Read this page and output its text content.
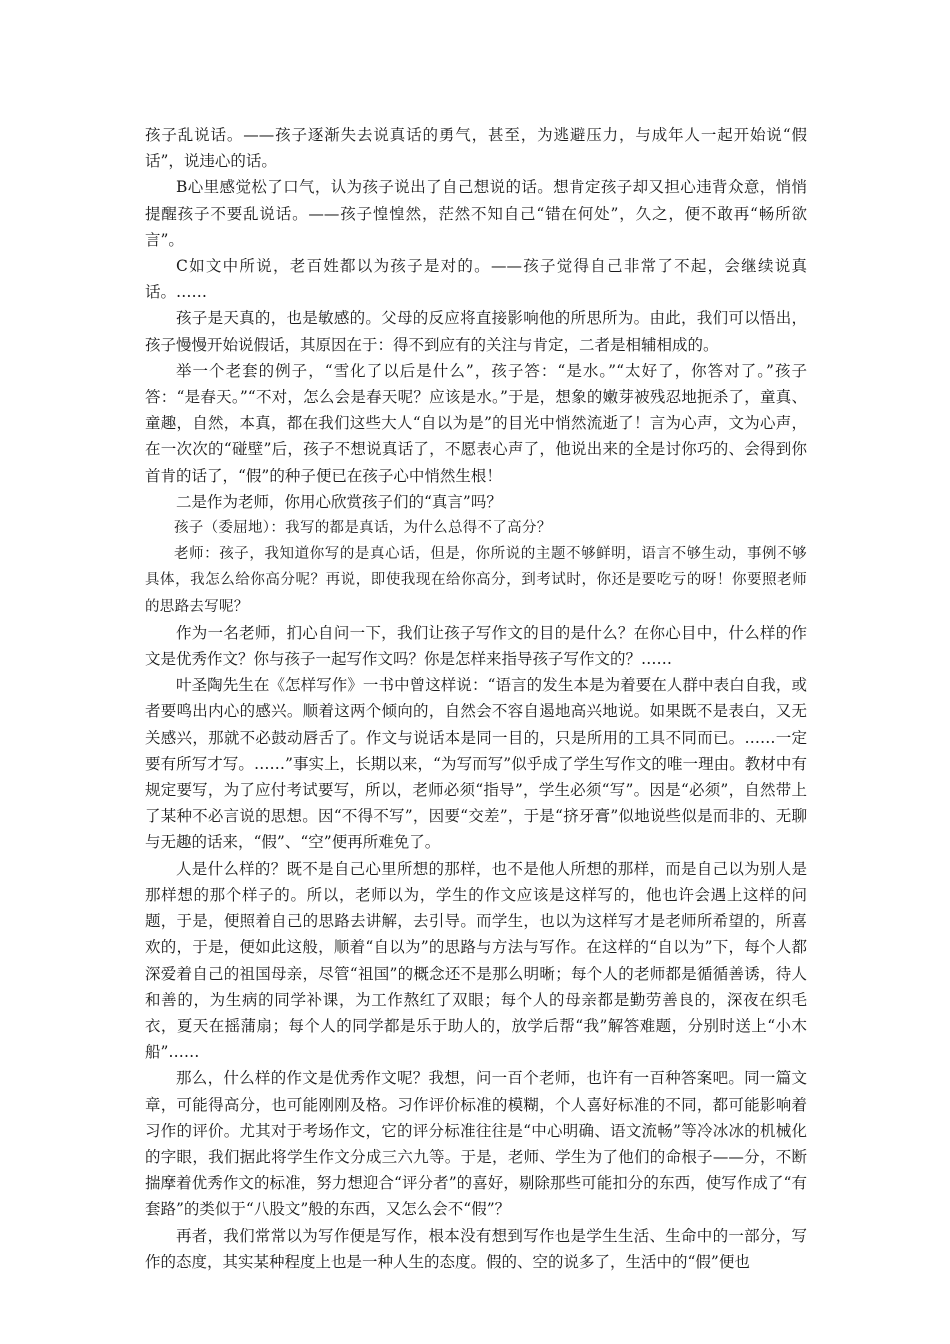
孩子乱说话。——孩子逐渐失去说真话的勇气，甚至，为逃避压力，与成年人一起开始说“假话”，说违心的话。

B心里感觉松了口气，认为孩子说出了自己想说的话。想肯定孩子却又担心违背众意，悄悄提醒孩子不要乱说话。——孩子惶惶然，茫然不知自己“错在何处”，久之，便不敢再“畅所欲言”。

C如文中所说，老百姓都以为孩子是对的。——孩子觉得自己非常了不起，会继续说真话。……

孩子是天真的，也是敏感的。父母的反应将直接影响他的所思所为。由此，我们可以悟出，孩子慢慢开始说假话，其原因在于：得不到应有的关注与肯定，二者是相辅相成的。

举一个老套的例子，“雪化了以后是什么”，孩子答：“是水。”“太好了，你答对了。”孩子答：“是春天。”“不对，怎么会是春天呢？应该是水。”于是，想象的嫩芽被残忍地扼杀了，童真、童趣，自然，本真，都在我们这些大人“自以为是”的目光中悄然流逝了！言为心声，文为心声，在一次次的“碰壁”后，孩子不想说真话了，不愿表心声了，他说出来的全是讨你巧的、会得到你首肯的话了，“假”的种子便已在孩子心中悄然生根！

二是作为老师，你用心欣赏孩子们的“真言”吗？

孩子（委屈地）：我写的都是真话，为什么总得不了高分？

老师：孩子，我知道你写的是真心话，但是，你所说的主题不够鲜明，语言不够生动，事例不够具体，我怎么给你高分呢？再说，即使我现在给你高分，到考试时，你还是要吃亏的呀！你要照老师的思路去写呢？

作为一名老师，扪心自问一下，我们让孩子写作文的目的是什么？在你心目中，什么样的作文是优秀作文？你与孩子一起写作文吗？你是怎样来指导孩子写作文的？……

叶圣陶先生在《怎样写作》一书中曾这样说：“语言的发生本是为着要在人群中表白自我，或者要鸣出内心的感兴。顺着这两个倾向的，自然会不容自遏地高兴地说。如果既不是表白，又无关感兴，那就不必鼓动唇舌了。作文与说话本是同一目的，只是所用的工具不同而已。……一定要有所写才写。……”事实上，长期以来，“为写而写”似乎成了学生写作文的唯一理由。教材中有规定要写，为了应付考试要写，所以，老师必须“指导”，学生必须“写”。因是“必须”，自然带上了某种不必言说的思想。因“不得不写”，因要“交差”，于是“挤牙膏”似地说些似是而非的、无聊与无趣的话来，“假”、“空”便再所难免了。

人是什么样的？既不是自己心里所想的那样，也不是他人所想的那样，而是自己以为别人是那样想的那个样子的。所以，老师以为，学生的作文应该是这样写的，他也许会遇上这样的问题，于是，便照着自己的思路去讲解，去引导。而学生，也以为这样写才是老师所希望的，所喜欢的，于是，便如此这般，顺着“自以为”的思路与方法与写作。在这样的“自以为”下，每个人都深爱着自己的祖国母亲，尽管“祖国”的概念还不是那么明晰；每个人的老师都是循循善诱，待人和善的，为生病的同学补课，为工作熬红了双眼；每个人的母亲都是勤劳善良的，深夜在织毛衣，夏天在摇蒲扇；每个人的同学都是乐于助人的，放学后帮“我”解答难题，分别时送上“小木船”……

那么，什么样的作文是优秀作文呢？我想，问一百个老师，也许有一百种答案吧。同一篇文章，可能得高分，也可能刚刚及格。习作评价标准的模糊，个人喜好标准的不同，都可能影响着习作的评价。尤其对于考场作文，它的评分标准往往是“中心明确、语文流畅”等冷冰冰的机械化的字眼，我们据此将学生作文分成三六九等。于是，老师、学生为了他们的命根子——分，不断揣摩着优秀作文的标准，努力想迎合“评分者”的喜好，剔除那些可能扣分的东西，使写作成了“有套路”的类似于“八股文”般的东西，又怎么会不“假”？

再者，我们常常以为写作便是写作，根本没有想到写作也是学生生活、生命中的一部分，写作的态度，其实某种程度上也是一种人生的态度。假的、空的说多了，生活中的“假”便也
